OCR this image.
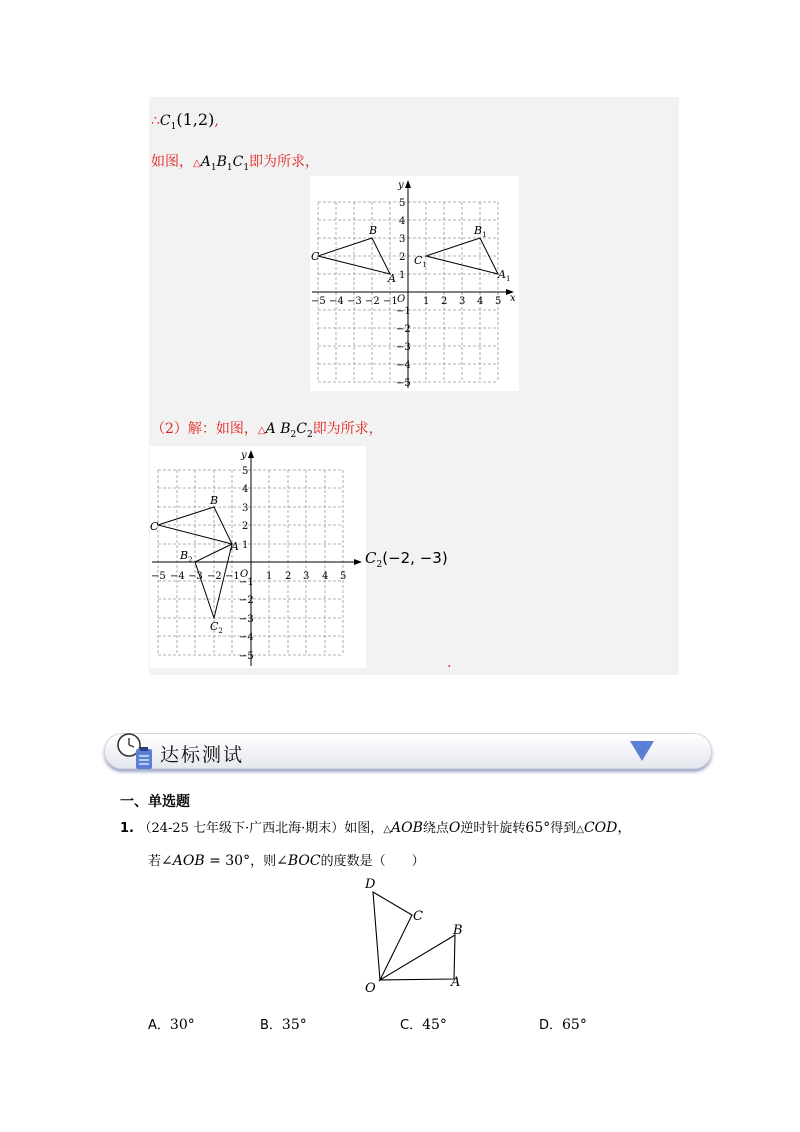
$\therefore C_1(1,2)$,
如图，$\triangle A_1B_1C_1$即为所求，
−5 −4 −3 −2 −1	1 2 3 4 5
5
4
3
2
1
−1
−2
−3
−4
−5
x
y
O
C
B
A
$C_1$
$B_1$
$A_1$
（2）解：如图，△A $B_2C_2$即为所求，
−5 −4 −3 −2 −1	1 2 3 4 5
5
4
3
2
1
−1
−2
−3
−4
−5
y
O
C
B
A
$B_2$
$C_2$
$C_2(-2$, −3)
.
达标测试
一、单选题
1. （24-25 七年级下·广西北海·期末）如图，△AOB绕点O逆时针旋转65°得到△COD，
若∠AOB = 30°，则∠BOC的度数是（　　）
D
C
B
O	A
A．30°	B．35°	C．45°	D．65°
